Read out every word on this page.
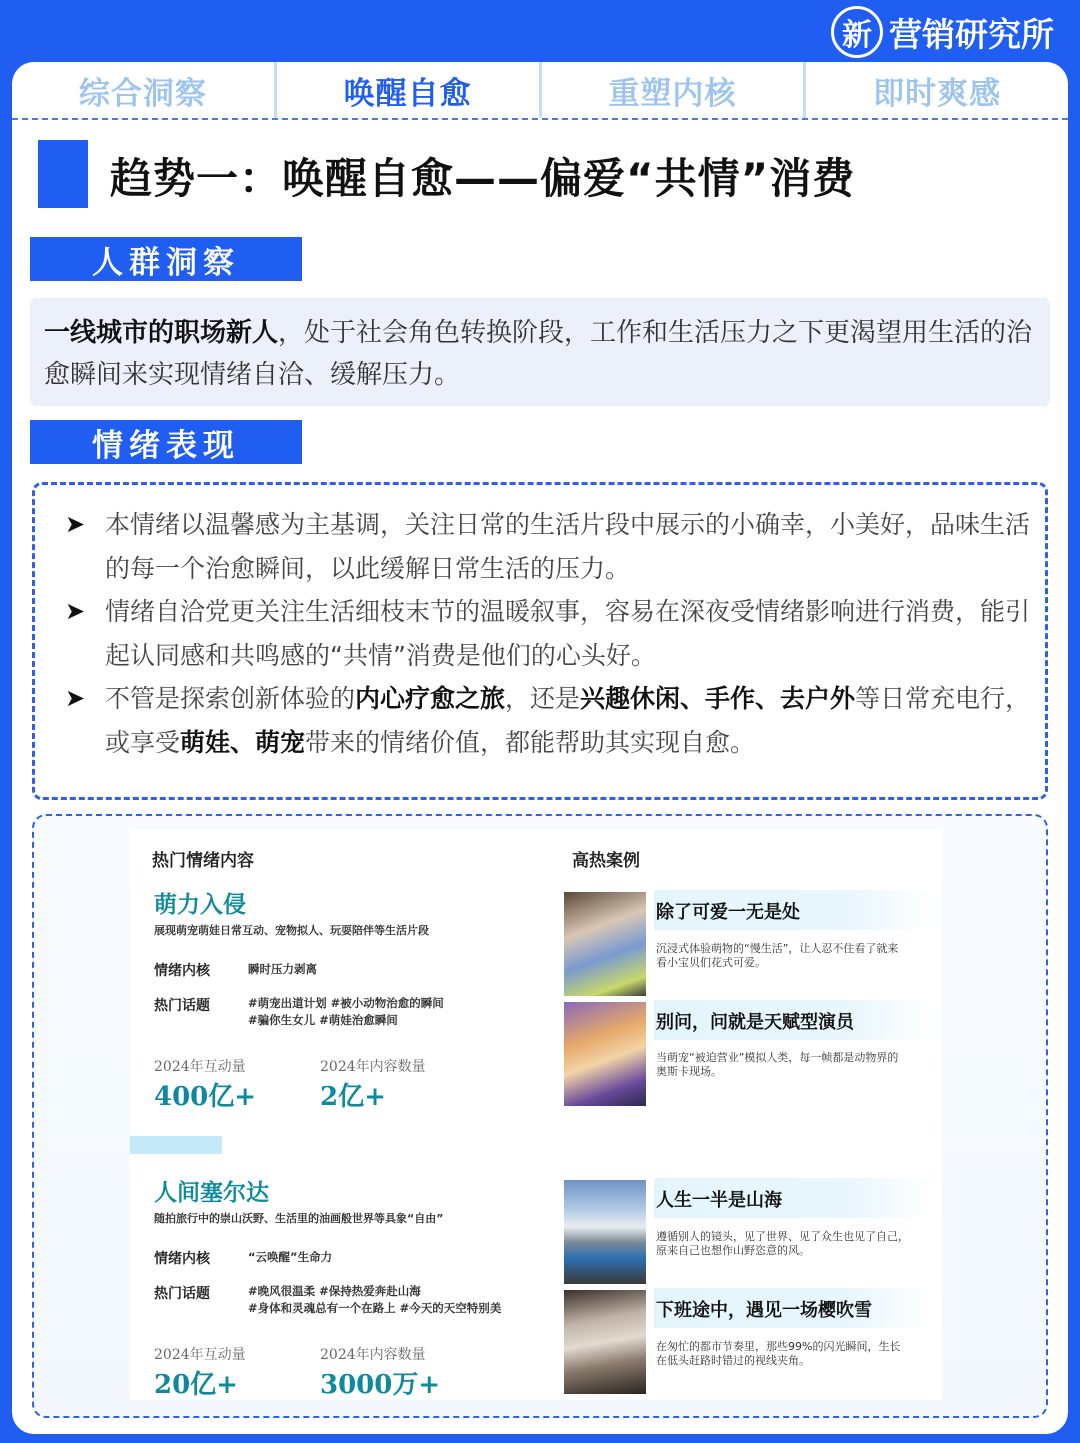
新 营销研究所
综合洞察	唤醒自愈	重塑内核	即时爽感
趋势一：唤醒自愈——偏爱“共情”消费
人群洞察
一线城市的职场新人，处于社会角色转换阶段，工作和生活压力之下更渴望用生活的治愈瞬间来实现情绪自洽、缓解压力。
情绪表现
➤ 本情绪以温馨感为主基调，关注日常的生活片段中展示的小确幸，小美好，品味生活的每一个治愈瞬间，以此缓解日常生活的压力。
➤ 情绪自洽党更关注生活细枝末节的温暖叙事，容易在深夜受情绪影响进行消费，能引起认同感和共鸣感的“共情”消费是他们的心头好。
➤ 不管是探索创新体验的内心疗愈之旅，还是兴趣休闲、手作、去户外等日常充电行，或享受萌娃、萌宠带来的情绪价值，都能帮助其实现自愈。
热门情绪内容	高热案例
萌力入侵
展现萌宠萌娃日常互动、宠物拟人、玩耍陪伴等生活片段
情绪内核	瞬时压力剥离
热门话题	#萌宠出道计划 #被小动物治愈的瞬间
#骗你生女儿 #萌娃治愈瞬间
2024年互动量
400亿+
2024年内容数量
2亿+
人间塞尔达
随拍旅行中的崇山沃野、生活里的油画般世界等具象“自由”
情绪内核	“云唤醒”生命力
热门话题	#晚风很温柔 #保持热爱奔赴山海
#身体和灵魂总有一个在路上 #今天的天空特别美
2024年互动量
20亿+
2024年内容数量
3000万+
除了可爱一无是处
沉浸式体验萌物的“慢生活”，让人忍不住看了就来
看小宝贝们花式可爱。
别问，问就是天赋型演员
当萌宠“被迫营业”模拟人类，每一帧都是动物界的
奥斯卡现场。
人生一半是山海
遵循别人的镜头，见了世界、见了众生也见了自己，
原来自己也想作山野恣意的风。
下班途中，遇见一场樱吹雪
在匆忙的都市节奏里，那些99%的闪光瞬间，生长
在低头赶路时错过的视线夹角。
